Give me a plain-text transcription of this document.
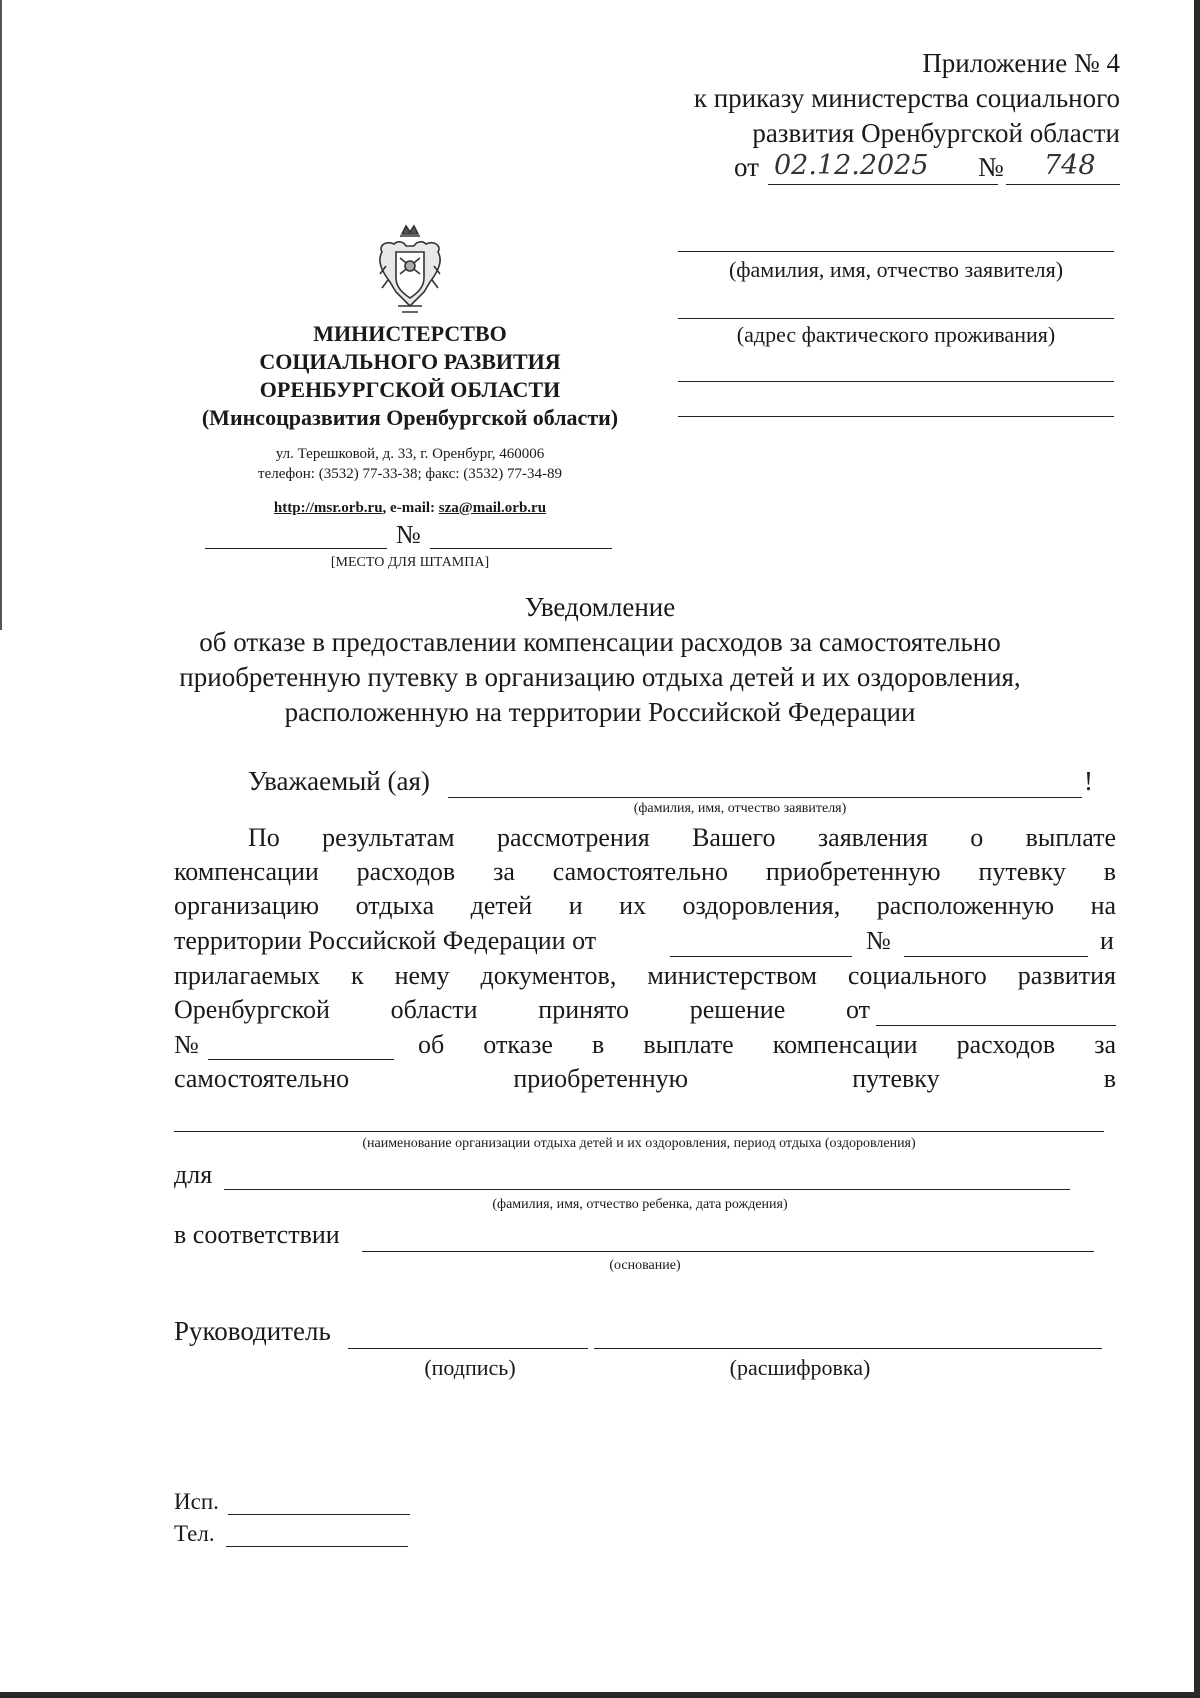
Приложение № 4
к приказу министерства социального
развития Оренбургской области
от 02.12.2025 № 748
(фамилия, имя, отчество заявителя)
(адрес фактического проживания)
МИНИСТЕРСТВО
СОЦИАЛЬНОГО РАЗВИТИЯ
ОРЕНБУРГСКОЙ ОБЛАСТИ
(Минсоцразвития Оренбургской области)
ул. Терешковой, д. 33, г. Оренбург, 460006
телефон: (3532) 77-33-38; факс: (3532) 77-34-89
http://msr.orb.ru, e-mail: sza@mail.orb.ru
№
[МЕСТО ДЛЯ ШТАМПА]
Уведомление
об отказе в предоставлении компенсации расходов за самостоятельно
приобретенную путевку в организацию отдыха детей и их оздоровления,
расположенную на территории Российской Федерации
Уважаемый (ая)	!
(фамилия, имя, отчество заявителя)
По результатам рассмотрения Вашего заявления о выплате
компенсации расходов за самостоятельно приобретенную путевку в
организацию отдыха детей и их оздоровления, расположенную на
территории Российской Федерации от	№	и
прилагаемых к нему документов, министерством социального развития
Оренбургской области принято решение от
№	об отказе в выплате компенсации расходов за
самостоятельно	приобретенную	путевку	в
(наименование организации отдыха детей и их оздоровления, период отдыха (оздоровления)
для
(фамилия, имя, отчество ребенка, дата рождения)
в соответствии
(основание)
Руководитель
(подпись)	(расшифровка)
Исп.
Тел.
